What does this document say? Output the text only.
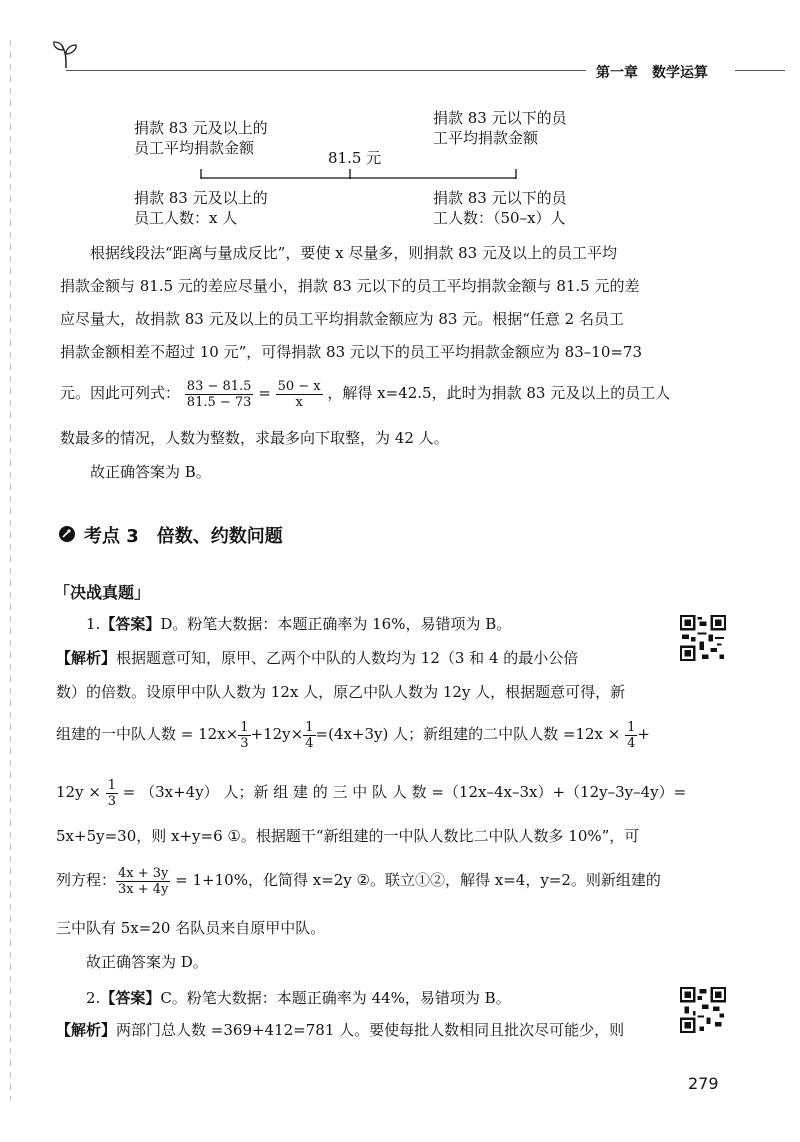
第一章　 数学运算
捐款 83 元及以上的
员工平均捐款金额
捐款 83 元以下的员
工平均捐款金额
81.5 元
捐款 83 元及以上的
员工人数：x 人
捐款 83 元以下的员
工人数：（50–x）人
根据线段法“距离与量成反比”，要使 x 尽量多，则捐款 83 元及以上的员工平均
捐款金额与 81.5 元的差应尽量小，捐款 83 元以下的员工平均捐款金额与 81.5 元的差
应尽量大，故捐款 83 元及以上的员工平均捐款金额应为 83 元。根据“任意 2 名员工
捐款金额相差不超过 10 元”，可得捐款 83 元以下的员工平均捐款金额应为 83–10=73
元。因此可列式： $\frac{83 - 81.5}{81.5 - 73} = \frac{50 - x}{x}$ ，解得 x=42.5，此时为捐款 83 元及以上的员工人
数最多的情况，人数为整数，求最多向下取整，为 42 人。
故正确答案为 B。
考点 3　倍数、约数问题
「决战真题」
1.【答案】D。粉笔大数据：本题正确率为 16%，易错项为 B。
【解析】根据题意可知，原甲、乙两个中队的人数均为 12（3 和 4 的最小公倍
数）的倍数。设原甲中队人数为 12x 人，原乙中队人数为 12y 人，根据题意可得，新
组建的一中队人数 = $12x\times \frac{1}{3} +12y\times \frac{1}{4} =(4x+3y)$ 人；新组建的二中队人数 $=12x \times \frac{1}{4}$ +
$12y \times \frac{1}{3} = (3x+4y)$ 人；新 组 建 的 三 中 队 人 数 =（12x–4x–3x）+（12y–3y–4y）=
5x+5y=30，则 x+y=6 ①。根据题干“新组建的一中队人数比二中队人数多 10%”，可
列方程： $\frac{4x + 3y}{3x + 4y} = 1+10\%$，化简得 x=2y ②。联立①②，解得 x=4，y=2。则新组建的
三中队有 5x=20 名队员来自原甲中队。
故正确答案为 D。
2.【答案】C。粉笔大数据：本题正确率为 44%，易错项为 B。
【解析】两部门总人数 =369+412=781 人。要使每批人数相同且批次尽可能少，则
279
